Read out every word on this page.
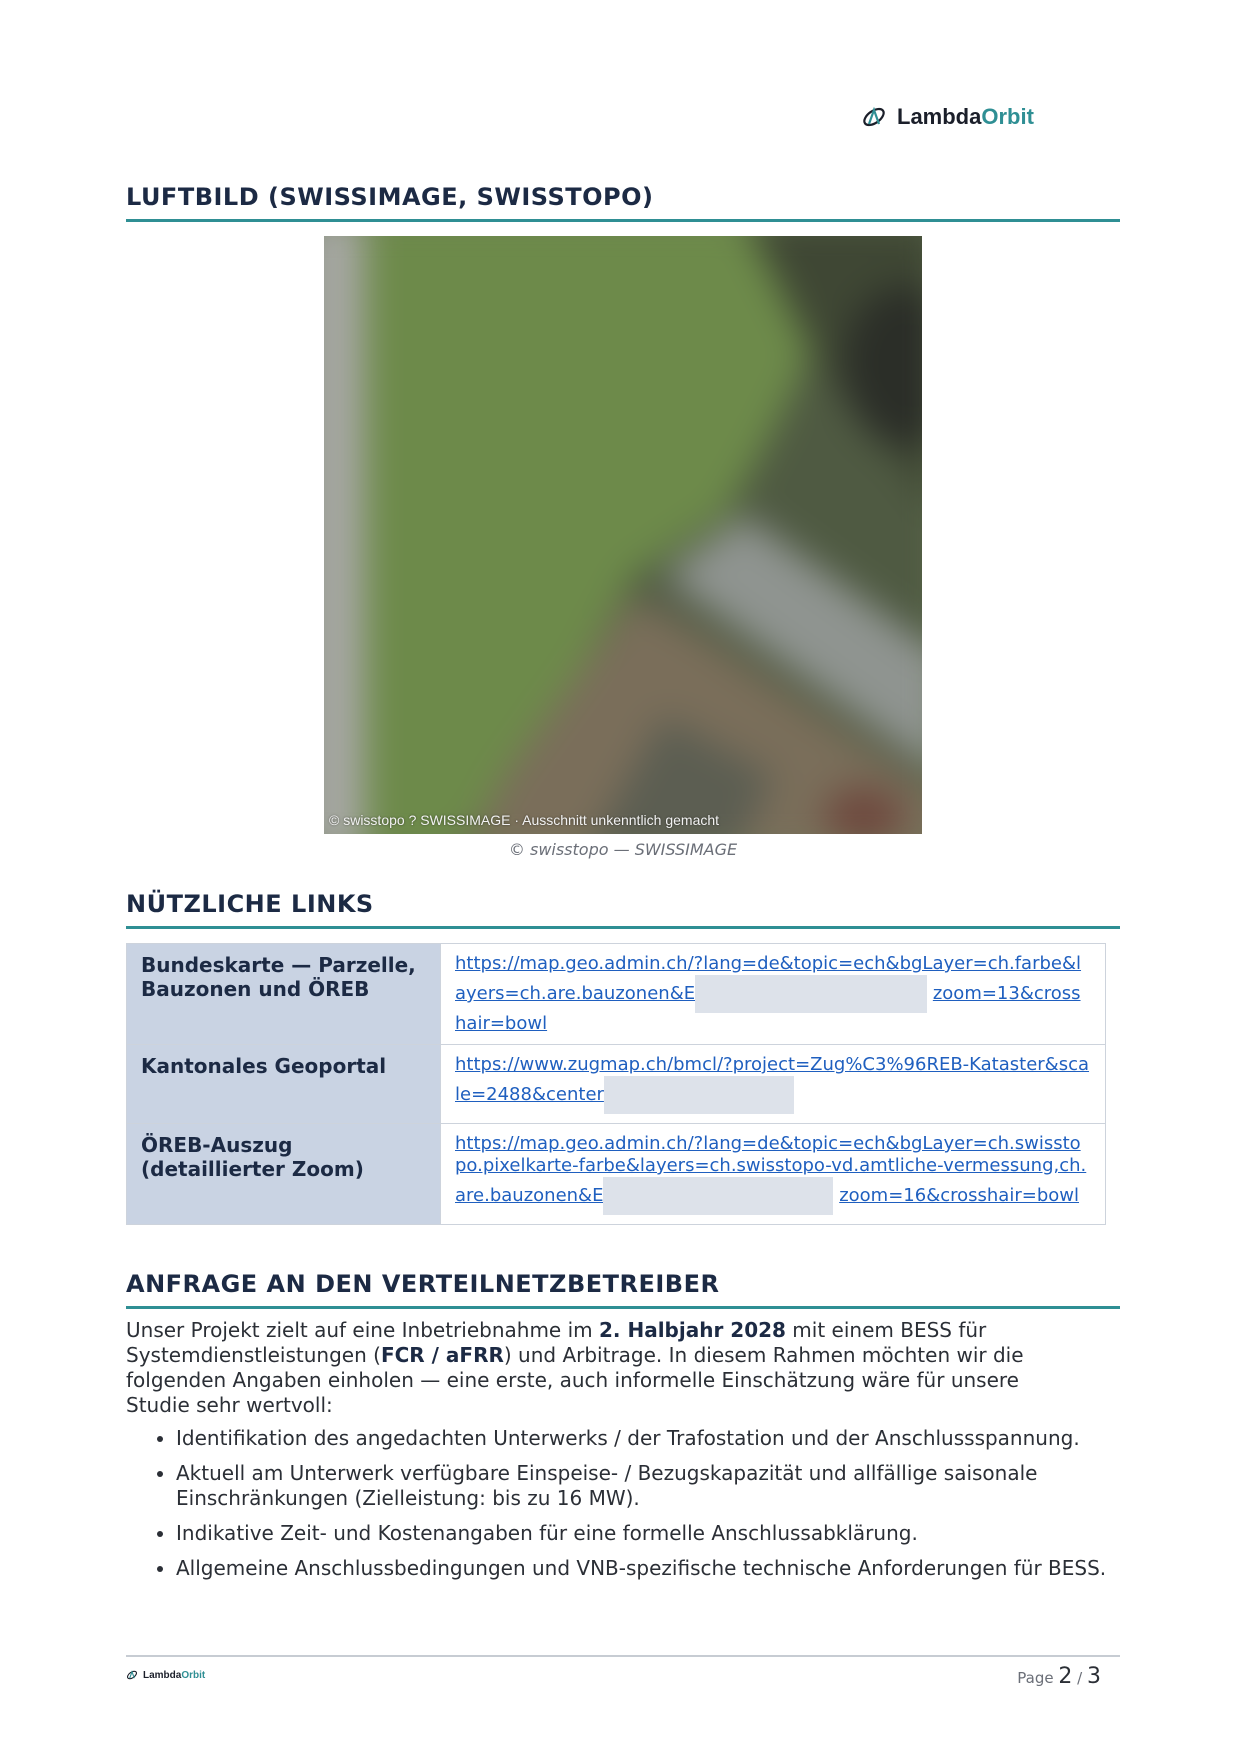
LambdaOrbit
LUFTBILD (SWISSIMAGE, SWISSTOPO)
© swisstopo ? SWISSIMAGE · Ausschnitt unkenntlich gemacht
© swisstopo — SWISSIMAGE
NÜTZLICHE LINKS
Bundeskarte — Parzelle, Bauzonen und ÖREB	https://map.geo.admin.ch/?lang=de&topic=ech&bgLayer=ch.farbe&layers=ch.are.bauzonen&E zoom=13&crosshair=bowl
Kantonales Geoportal	https://www.zugmap.ch/bmcl/?project=Zug%C3%96REB-Kataster&scale=2488&center
ÖREB-Auszug (detaillierter Zoom)	https://map.geo.admin.ch/?lang=de&topic=ech&bgLayer=ch.swisstopo.pixelkarte-farbe&layers=ch.swisstopo-vd.amtliche-vermessung,ch.are.bauzonen&E zoom=16&crosshair=bowl
ANFRAGE AN DEN VERTEILNETZBETREIBER

Unser Projekt zielt auf eine Inbetriebnahme im 2. Halbjahr 2028 mit einem BESS für Systemdienstleistungen (FCR / aFRR) und Arbitrage. In diesem Rahmen möchten wir die folgenden Angaben einholen — eine erste, auch informelle Einschätzung wäre für unsere Studie sehr wertvoll:

• Identifikation des angedachten Unterwerks / der Trafostation und der Anschlussspannung.
• Aktuell am Unterwerk verfügbare Einspeise- / Bezugskapazität und allfällige saisonale Einschränkungen (Zielleistung: bis zu 16 MW).
• Indikative Zeit- und Kostenangaben für eine formelle Anschlussabklärung.
• Allgemeine Anschlussbedingungen und VNB-spezifische technische Anforderungen für BESS.
LambdaOrbit	Page 2 / 3
